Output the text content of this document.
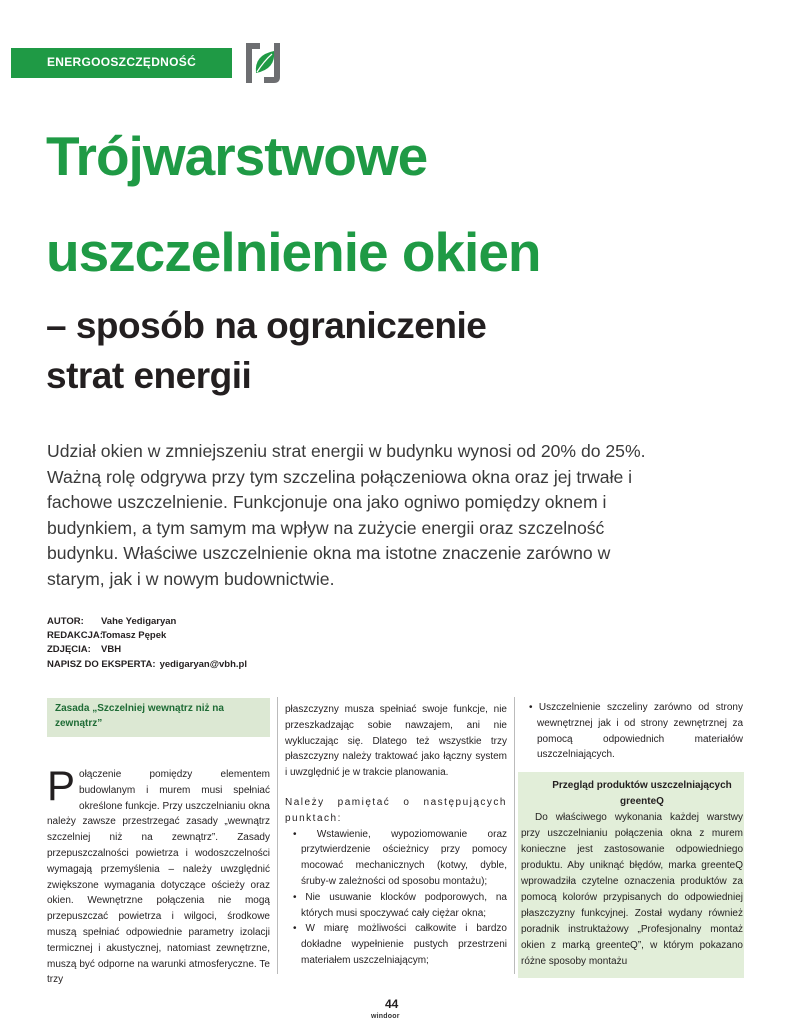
ENERGOOSZCZĘDNOŚĆ
Trójwarstwowe
uszczelnienie okien
– sposób na ograniczenie
strat energii
Udział okien w zmniejszeniu strat energii w budynku wynosi od 20% do 25%. Ważną rolę odgrywa przy tym szczelina połączeniowa okna oraz jej trwałe i fachowe uszczelnienie. Funkcjonuje ona jako ogniwo pomiędzy oknem i budynkiem, a tym samym ma wpływ na zużycie energii oraz szczelność budynku. Właściwe uszczelnienie okna ma istotne znaczenie zarówno w starym, jak i w nowym budownictwie.
AUTOR:	Vahe Yedigaryan
REDAKCJA:
Tomasz Pępek
ZDJĘCIA:	VBH
NAPISZ DO EKSPERTA: yedigaryan@vbh.pl
Zasada „Szczelniej wewnątrz niż na zewnątrz”
Połączenie pomiędzy elementem budowlanym i murem musi spełniać określone funkcje. Przy uszczelnianiu okna należy zawsze przestrzegać zasady „wewnątrz szczelniej niż na zewnątrz”. Zasady przepuszczalności powietrza i wodoszczelności wymagają przemyślenia – należy uwzględnić zwiększone wymagania dotyczące ościeży oraz okien. Wewnętrzne połączenia nie mogą przepuszczać powietrza i wilgoci, środkowe muszą spełniać odpowiednie parametry izolacji termicznej i akustycznej, natomiast zewnętrzne, muszą być odporne na warunki atmosferyczne. Te trzy

płaszczyzny musza spełniać swoje funkcje, nie przeszkadzając sobie nawzajem, ani nie wykluczając się. Dlatego też wszystkie trzy płaszczyzny należy traktować jako łączny system i uwzględnić je w trakcie planowania.

Należy pamiętać o następujących punktach:

• Wstawienie, wypoziomowanie oraz przytwierdzenie ościeżnicy przy pomocy mocować mechanicznych (kotwy, dyble, śruby-w zależności od sposobu montażu);
• Nie usuwanie klocków podporowych, na których musi spoczywać cały ciężar okna;
• W miarę możliwości całkowite i bardzo dokładne wypełnienie pustych przestrzeni materiałem uszczelniającym;
• Uszczelnienie szczeliny zarówno od strony wewnętrznej jak i od strony zewnętrznej za pomocą odpowiednich materiałów uszczelniających.
Przegląd produktów uszczelniających greenteQ

Do właściwego wykonania każdej warstwy przy uszczelnianiu połączenia okna z murem konieczne jest zastosowanie odpowiedniego produktu. Aby uniknąć błędów, marka greenteQ wprowadziła czytelne oznaczenia produktów za pomocą kolorów przypisanych do odpowiedniej płaszczyzny funkcyjnej. Został wydany również poradnik instruktażowy „Profesjonalny montaż okien z marką greenteQ”, w którym pokazano różne sposoby montażu

44
windoor
